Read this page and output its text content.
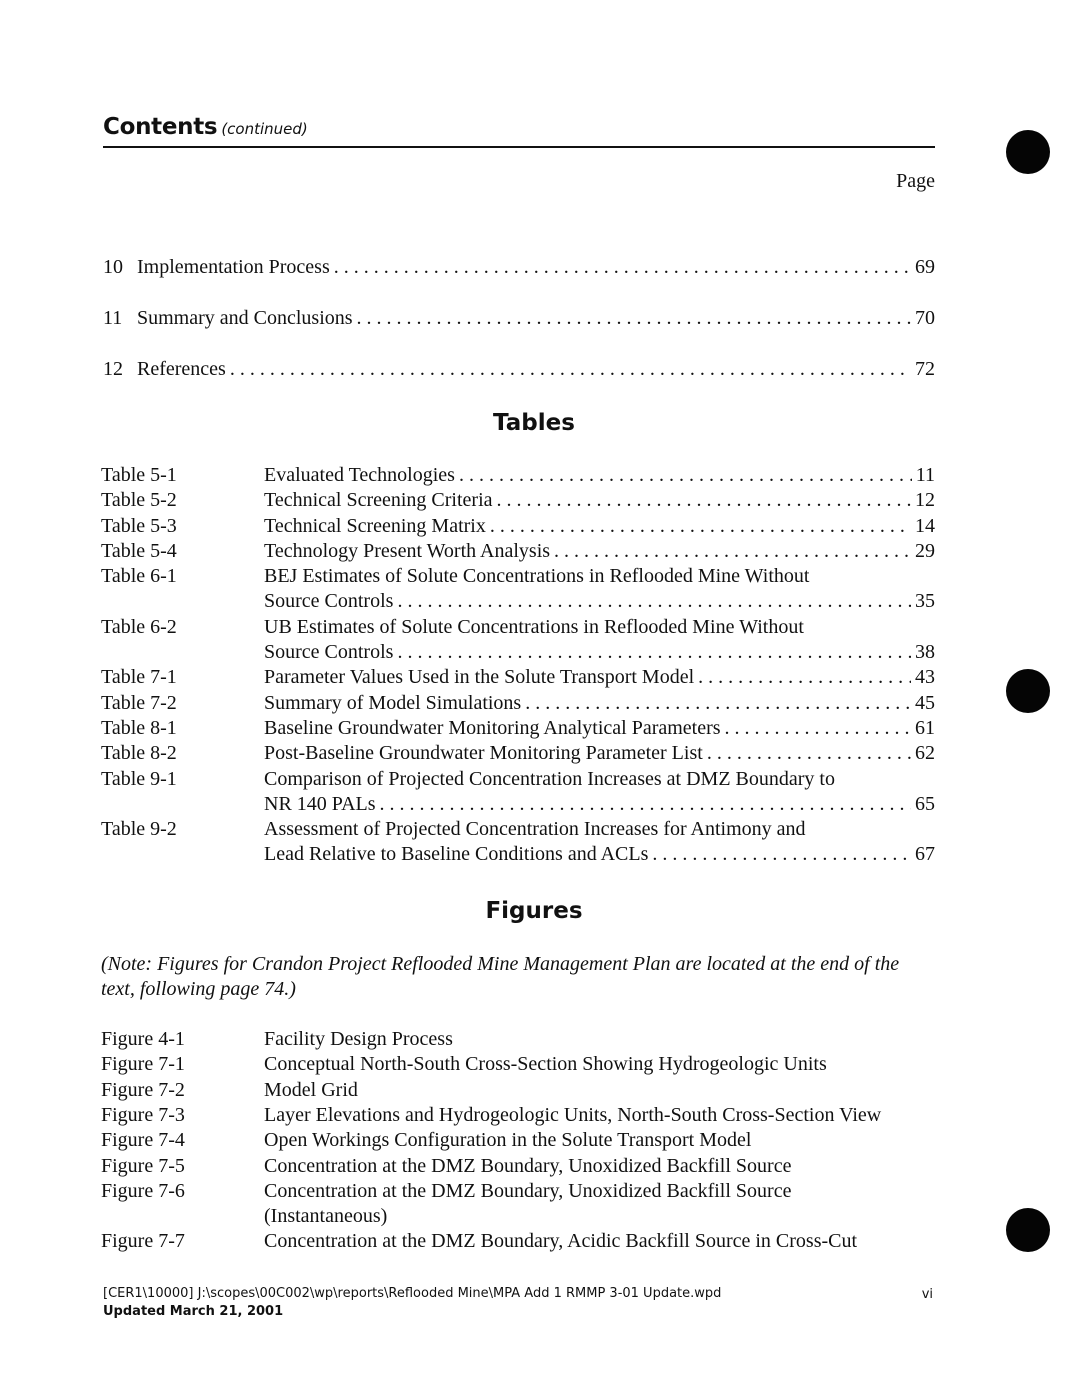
Contents (continued)
Page
10 Implementation Process . . .	69
11 Summary and Conclusions . . .	70
12 References . . .	72
Tables
Table 5-1	Evaluated Technologies . . .	11
Table 5-2	Technical Screening Criteria . . .	12
Table 5-3	Technical Screening Matrix . . .	14
Table 5-4	Technology Present Worth Analysis . . .	29
Table 6-1	BEJ Estimates of Solute Concentrations in Reflooded Mine Without
Source Controls . . .	35
Table 6-2	UB Estimates of Solute Concentrations in Reflooded Mine Without
Source Controls . . .	38
Table 7-1	Parameter Values Used in the Solute Transport Model . . .	43
Table 7-2	Summary of Model Simulations . . .	45
Table 8-1	Baseline Groundwater Monitoring Analytical Parameters . . .	61
Table 8-2	Post-Baseline Groundwater Monitoring Parameter List . . .	62
Table 9-1	Comparison of Projected Concentration Increases at DMZ Boundary to
NR 140 PALs . . .	65
Table 9-2	Assessment of Projected Concentration Increases for Antimony and
Lead Relative to Baseline Conditions and ACLs . . .	67
Figures
(Note: Figures for Crandon Project Reflooded Mine Management Plan are located at the end of the text, following page 74.)
Figure 4-1	Facility Design Process
Figure 7-1	Conceptual North-South Cross-Section Showing Hydrogeologic Units
Figure 7-2	Model Grid
Figure 7-3	Layer Elevations and Hydrogeologic Units, North-South Cross-Section View
Figure 7-4	Open Workings Configuration in the Solute Transport Model
Figure 7-5	Concentration at the DMZ Boundary, Unoxidized Backfill Source
Figure 7-6	Concentration at the DMZ Boundary, Unoxidized Backfill Source
(Instantaneous)
Figure 7-7	Concentration at the DMZ Boundary, Acidic Backfill Source in Cross-Cut
[CER1\10000] J:\scopes\00C002\wp\reports\Reflooded Mine\MPA Add 1 RMMP 3-01 Update.wpd
Updated March 21, 2001
vi
